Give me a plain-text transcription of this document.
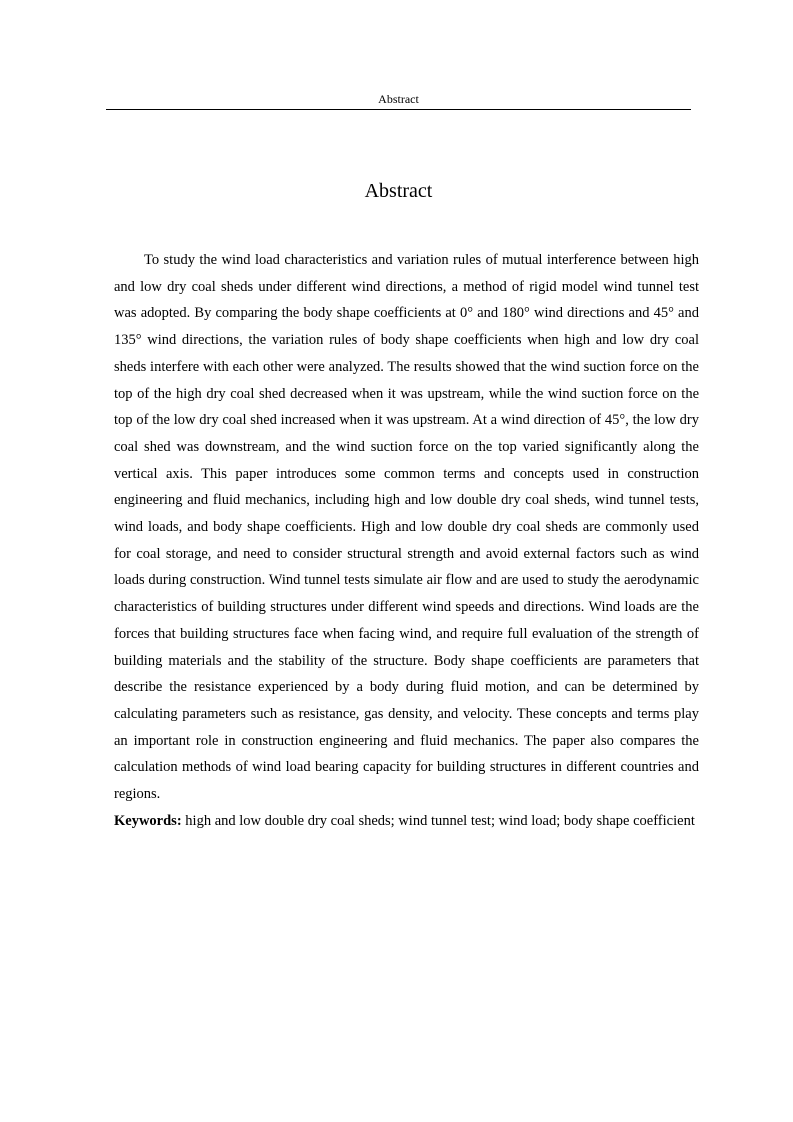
Abstract
Abstract

To study the wind load characteristics and variation rules of mutual interference between high and low dry coal sheds under different wind directions, a method of rigid model wind tunnel test was adopted. By comparing the body shape coefficients at 0° and 180° wind directions and 45° and 135° wind directions, the variation rules of body shape coefficients when high and low dry coal sheds interfere with each other were analyzed. The results showed that the wind suction force on the top of the high dry coal shed decreased when it was upstream, while the wind suction force on the top of the low dry coal shed increased when it was upstream. At a wind direction of 45°, the low dry coal shed was downstream, and the wind suction force on the top varied significantly along the vertical axis. This paper introduces some common terms and concepts used in construction engineering and fluid mechanics, including high and low double dry coal sheds, wind tunnel tests, wind loads, and body shape coefficients. High and low double dry coal sheds are commonly used for coal storage, and need to consider structural strength and avoid external factors such as wind loads during construction. Wind tunnel tests simulate air flow and are used to study the aerodynamic characteristics of building structures under different wind speeds and directions. Wind loads are the forces that building structures face when facing wind, and require full evaluation of the strength of building materials and the stability of the structure. Body shape coefficients are parameters that describe the resistance experienced by a body during fluid motion, and can be determined by calculating parameters such as resistance, gas density, and velocity. These concepts and terms play an important role in construction engineering and fluid mechanics. The paper also compares the calculation methods of wind load bearing capacity for building structures in different countries and regions.

Keywords: high and low double dry coal sheds; wind tunnel test; wind load; body shape coefficient
